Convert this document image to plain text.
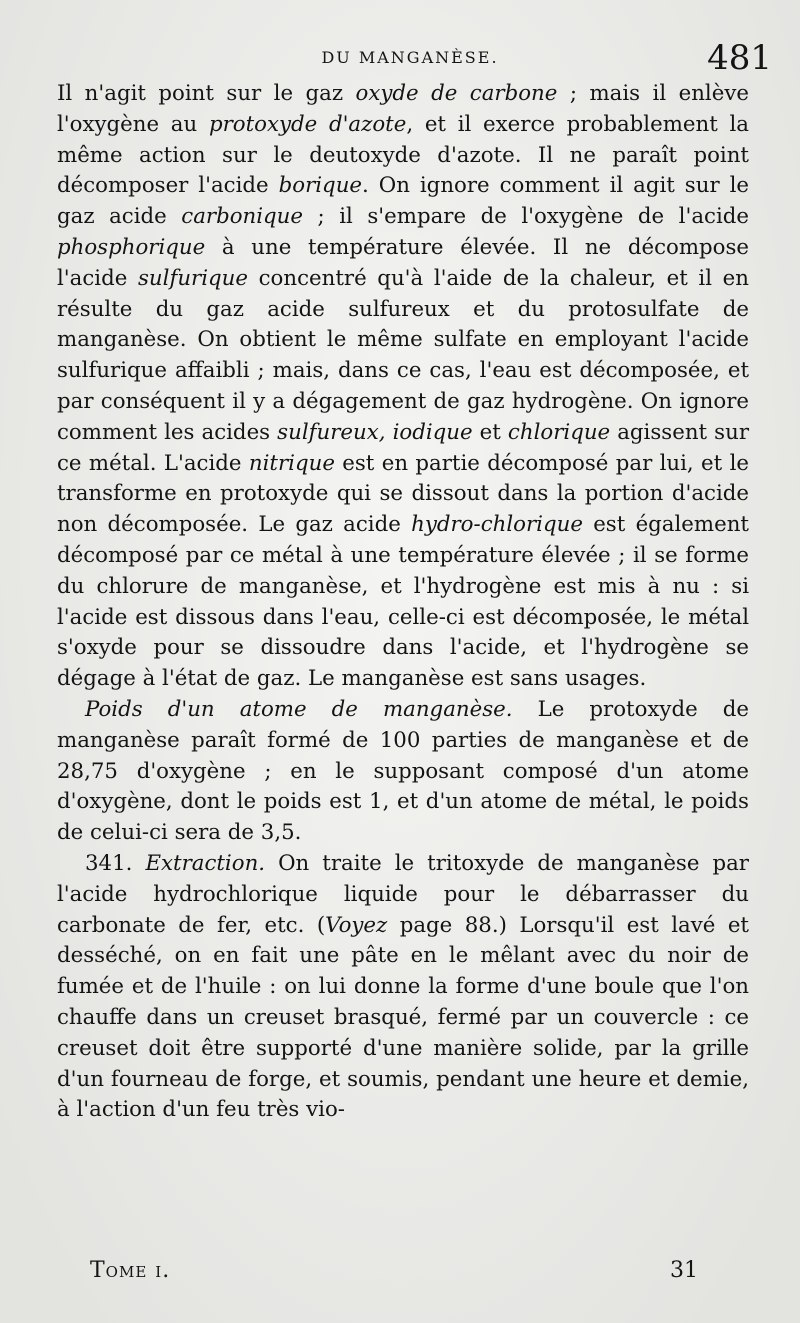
DU MANGANÈSE.	481

Il n'agit point sur le gaz oxyde de carbone ; mais il enlève l'oxygène au protoxyde d'azote, et il exerce probablement la même action sur le deutoxyde d'azote. Il ne paraît point décomposer l'acide borique. On ignore comment il agit sur le gaz acide carbonique ; il s'empare de l'oxygène de l'acide phosphorique à une température élevée. Il ne décompose l'acide sulfurique concentré qu'à l'aide de la chaleur, et il en résulte du gaz acide sulfureux et du protosulfate de manganèse. On obtient le même sulfate en employant l'acide sulfurique affaibli ; mais, dans ce cas, l'eau est décomposée, et par conséquent il y a dégagement de gaz hydrogène. On ignore comment les acides sulfureux, iodique et chlorique agissent sur ce métal. L'acide nitrique est en partie décomposé par lui, et le transforme en protoxyde qui se dissout dans la portion d'acide non décomposée. Le gaz acide hydro-chlorique est également décomposé par ce métal à une température élevée ; il se forme du chlorure de manganèse, et l'hydrogène est mis à nu : si l'acide est dissous dans l'eau, celle-ci est décomposée, le métal s'oxyde pour se dissoudre dans l'acide, et l'hydrogène se dégage à l'état de gaz. Le manganèse est sans usages.

Poids d'un atome de manganèse. Le protoxyde de manganèse paraît formé de 100 parties de manganèse et de 28,75 d'oxygène ; en le supposant composé d'un atome d'oxygène, dont le poids est 1, et d'un atome de métal, le poids de celui-ci sera de 3,5.

341. Extraction. On traite le tritoxyde de manganèse par l'acide hydrochlorique liquide pour le débarrasser du carbonate de fer, etc. (Voyez page 88.) Lorsqu'il est lavé et desséché, on en fait une pâte en le mêlant avec du noir de fumée et de l'huile : on lui donne la forme d'une boule que l'on chauffe dans un creuset brasqué, fermé par un couvercle : ce creuset doit être supporté d'une manière solide, par la grille d'un fourneau de forge, et soumis, pendant une heure et demie, à l'action d'un feu très vio-

Tome i.	31
